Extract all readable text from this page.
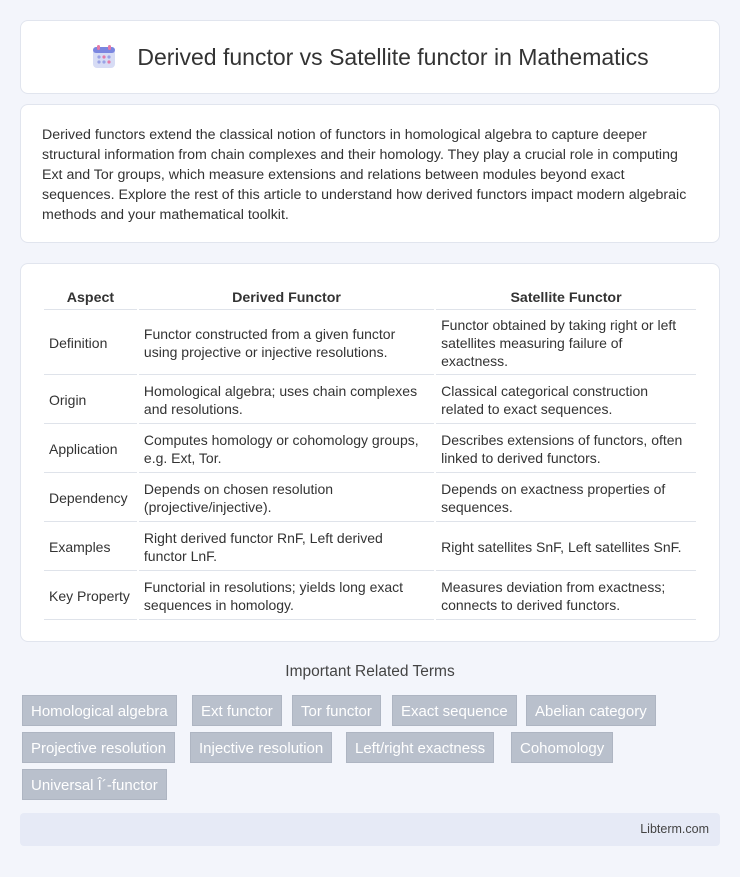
Derived functor vs Satellite functor in Mathematics

Derived functors extend the classical notion of functors in homological algebra to capture deeper structural information from chain complexes and their homology. They play a crucial role in computing Ext and Tor groups, which measure extensions and relations between modules beyond exact sequences. Explore the rest of this article to understand how derived functors impact modern algebraic methods and your mathematical toolkit.

Aspect	Derived Functor	Satellite Functor
Definition	Functor constructed from a given functor using projective or injective resolutions.	Functor obtained by taking right or left satellites measuring failure of exactness.
Origin	Homological algebra; uses chain complexes and resolutions.	Classical categorical construction related to exact sequences.
Application	Computes homology or cohomology groups, e.g. Ext, Tor.	Describes extensions of functors, often linked to derived functors.
Dependency	Depends on chosen resolution (projective/injective).	Depends on exactness properties of sequences.
Examples	Right derived functor RnF, Left derived functor LnF.	Right satellites SnF, Left satellites SnF.
Key Property	Functorial in resolutions; yields long exact sequences in homology.	Measures deviation from exactness; connects to derived functors.
Important Related Terms
Homological algebra	Ext functor	Tor functor	Exact sequence	Abelian category
Projective resolution	Injective resolution	Left/right exactness	Cohomology
Universal Î´-functor
Libterm.com
